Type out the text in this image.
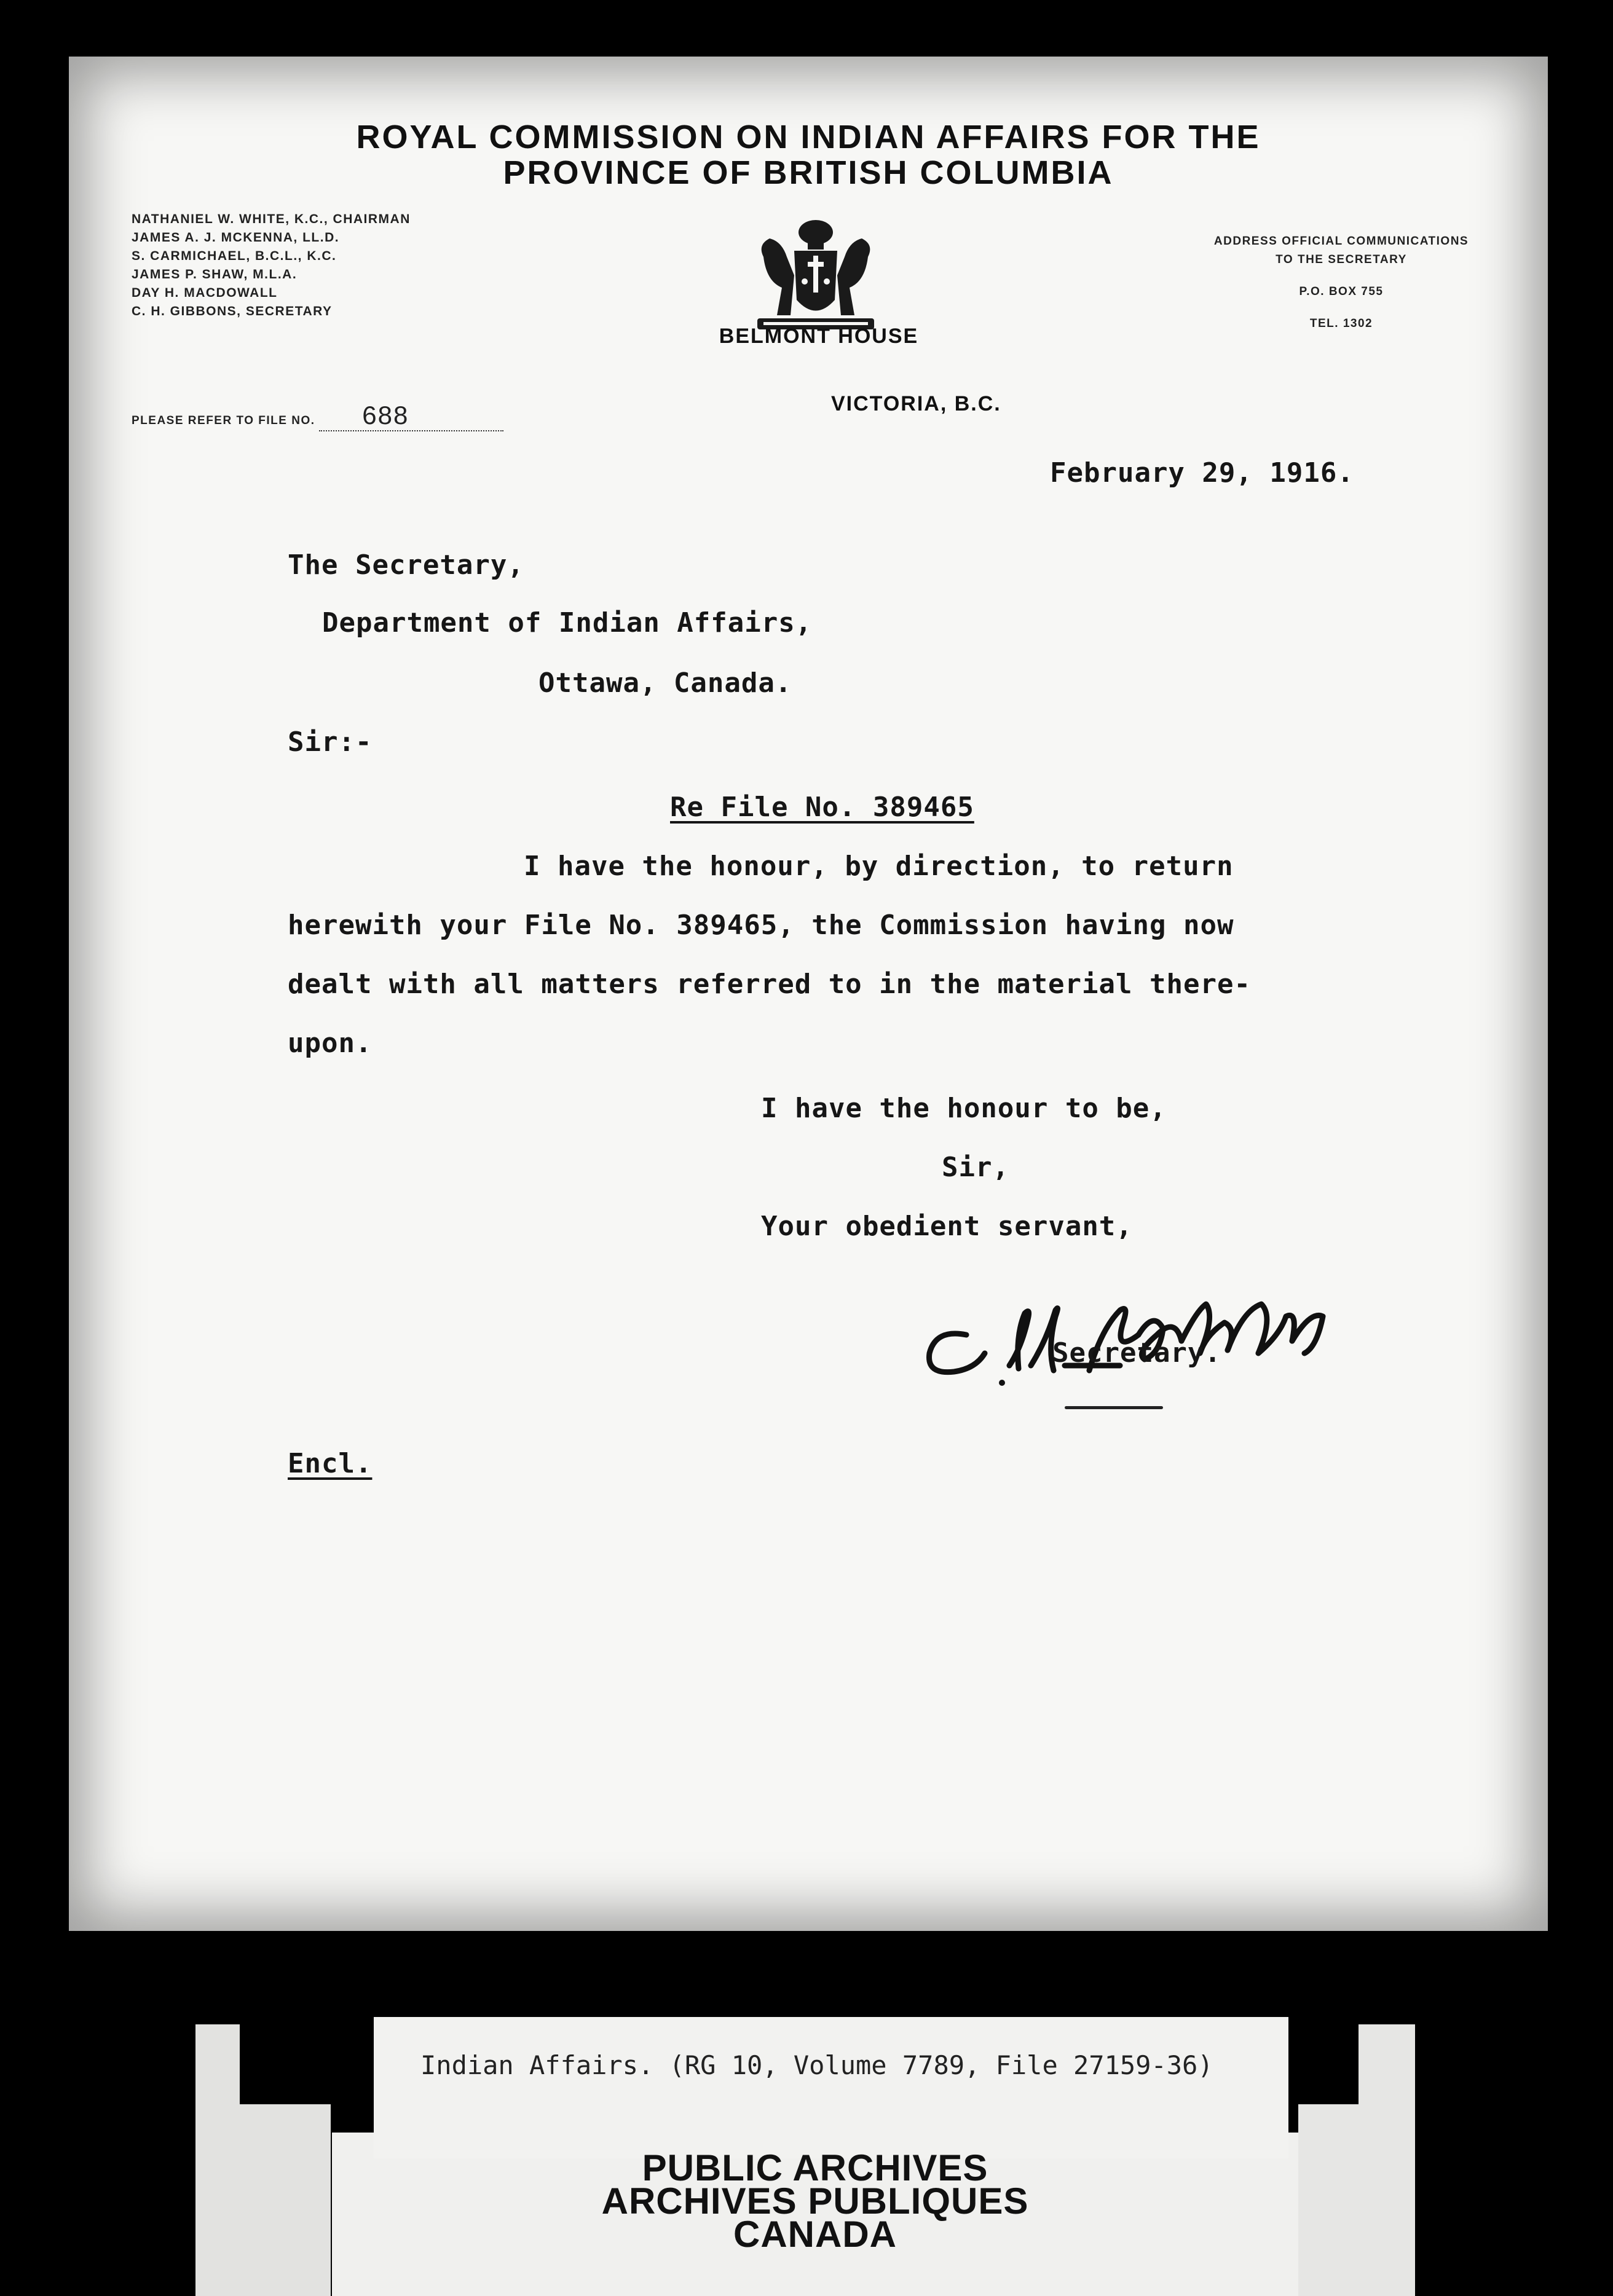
ROYAL COMMISSION ON INDIAN AFFAIRS FOR THE
PROVINCE OF BRITISH COLUMBIA
NATHANIEL W. WHITE, K.C., CHAIRMAN
JAMES A. J. MCKENNA, LL.D.
S. CARMICHAEL, B.C.L., K.C.
JAMES P. SHAW, M.L.A.
DAY H. MACDOWALL
C. H. GIBBONS, SECRETARY
BELMONT HOUSE
VICTORIA, B.C.
ADDRESS OFFICIAL COMMUNICATIONS
TO THE SECRETARY
P.O. BOX 755
TEL. 1302
PLEASE REFER TO FILE NO. 688
February 29, 1916.
The Secretary,
Department of Indian Affairs,
Ottawa, Canada.
Sir:-
Re File No. 389465
I have the honour, by direction, to return
herewith your File No. 389465, the Commission having now
dealt with all matters referred to in the material there-
upon.
I have the honour to be,
Sir,
Your obedient servant,
Secretary.
Encl.
Indian Affairs. (RG 10, Volume 7789, File 27159-36)
PUBLIC ARCHIVES
ARCHIVES PUBLIQUES
CANADA
